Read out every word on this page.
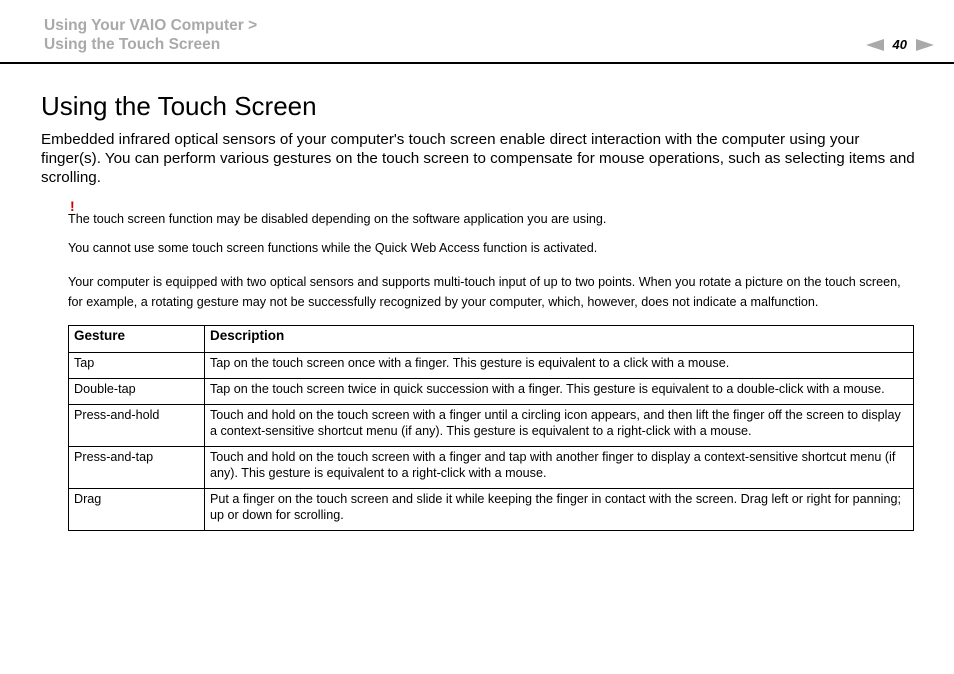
Using Your VAIO Computer >
Using the Touch Screen	40
Using the Touch Screen

Embedded infrared optical sensors of your computer's touch screen enable direct interaction with the computer using your finger(s). You can perform various gestures on the touch screen to compensate for mouse operations, such as selecting items and scrolling.

!

The touch screen function may be disabled depending on the software application you are using.

You cannot use some touch screen functions while the Quick Web Access function is activated.

Your computer is equipped with two optical sensors and supports multi-touch input of up to two points. When you rotate a picture on the touch screen, for example, a rotating gesture may not be successfully recognized by your computer, which, however, does not indicate a malfunction.

Gesture	Description
Tap	Tap on the touch screen once with a finger. This gesture is equivalent to a click with a mouse.
Double-tap	Tap on the touch screen twice in quick succession with a finger. This gesture is equivalent to a double-click with a mouse.
Press-and-hold	Touch and hold on the touch screen with a finger until a circling icon appears, and then lift the finger off the screen to display a context-sensitive shortcut menu (if any). This gesture is equivalent to a right-click with a mouse.
Press-and-tap	Touch and hold on the touch screen with a finger and tap with another finger to display a context-sensitive shortcut menu (if any). This gesture is equivalent to a right-click with a mouse.
Drag	Put a finger on the touch screen and slide it while keeping the finger in contact with the screen. Drag left or right for panning; up or down for scrolling.
